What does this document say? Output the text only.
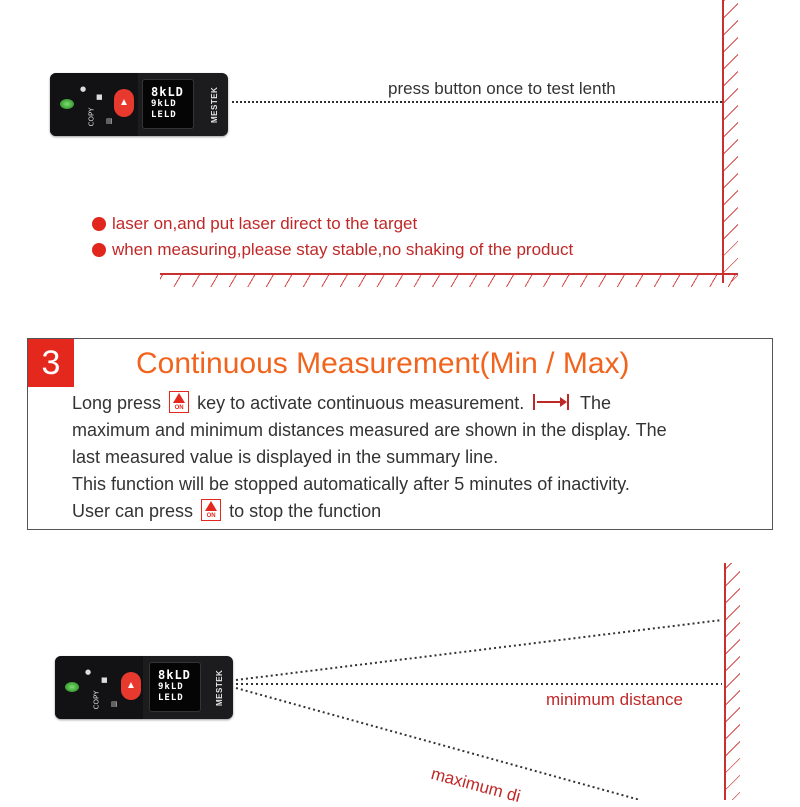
●
■
COPY ▤
▲
8kLD
9kLD
LELD	MESTEK	press button once to test lenth
laser on,and put laser direct to the target
when measuring,please stay stable,no shaking of the product
3	Continuous Measurement(Min / Max)
Long press	ON key to activate continuous measurement.	The
maximum and minimum distances measured are shown in the display. The
last measured value is displayed in the summary line.
This function will be stopped automatically after 5 minutes of inactivity.
User can press	ON to stop the function
●
■
COPY ▤
▲
8kLD
9kLD
LELD	MESTEK	minimum distance
maximum di
